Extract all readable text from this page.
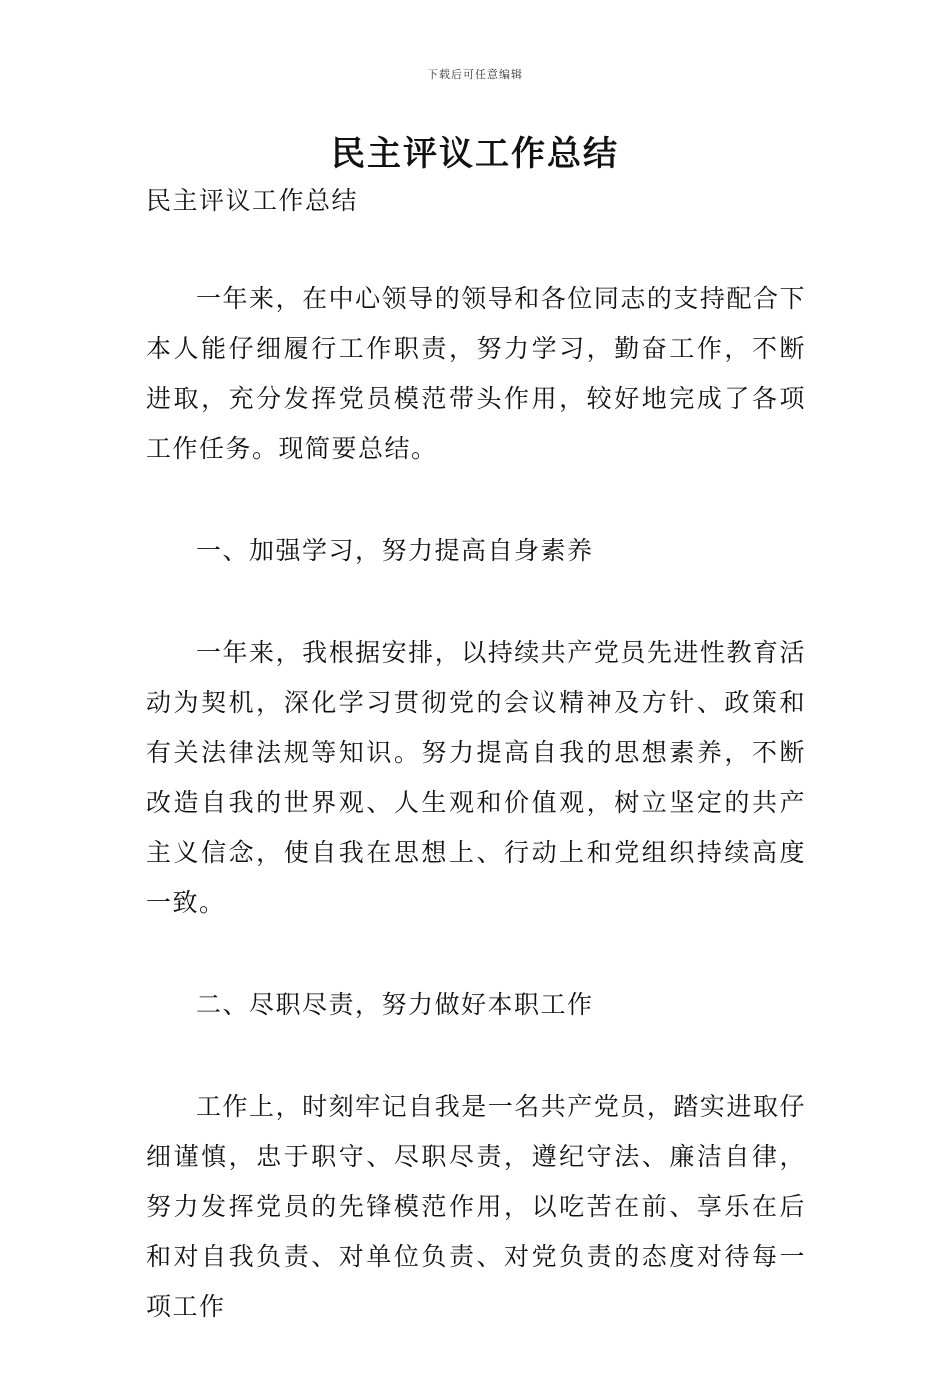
下载后可任意编辑
民主评议工作总结

民主评议工作总结

一年来，在中心领导的领导和各位同志的支持配合下本人能仔细履行工作职责，努力学习，勤奋工作，不断进取，充分发挥党员模范带头作用，较好地完成了各项工作任务。现简要总结。

一、加强学习，努力提高自身素养

一年来，我根据安排，以持续共产党员先进性教育活动为契机，深化学习贯彻党的会议精神及方针、政策和有关法律法规等知识。努力提高自我的思想素养，不断改造自我的世界观、人生观和价值观，树立坚定的共产主义信念，使自我在思想上、行动上和党组织持续高度一致。

二、尽职尽责，努力做好本职工作

工作上，时刻牢记自我是一名共产党员，踏实进取仔细谨慎，忠于职守、尽职尽责，遵纪守法、廉洁自律，努力发挥党员的先锋模范作用，以吃苦在前、享乐在后和对自我负责、对单位负责、对党负责的态度对待每一项工作
